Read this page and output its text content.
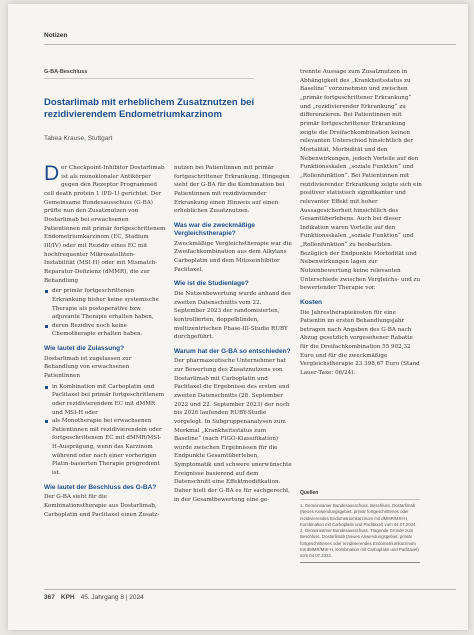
Notizen
G-BA-Beschluss
Dostarlimab mit erheblichem Zusatznutzen bei rezidivierendem Endometriumkarzinom
Tabea Krause, Stuttgart

Der Checkpoint-Inhibitor Dostarlimab ist als monoklonaler Antikörper gegen den Rezeptor Programmed cell death protein 1 (PD-1) gerichtet. Der Gemeinsame Bundesausschuss (G-BA) prüfte nun den Zusatznutzen von Dostarlimab bei erwachsenen Patientinnen mit primär fortgeschrittenem Endometriumkarzinom (EC, Stadium III/IV) oder mit Rezidiv eines EC mit hochfrequenter Mikrosatelliten-Instabilität (MSI-H) oder mit Mismatch-Reparatur-Defizienz (dMMR), die zur Behandlung

der primär fortgeschrittenen Erkrankung bisher keine systemische Therapie als postoperative bzw. adjuvante Therapie erhalten haben,
deren Rezidive noch keine Chemotherapie erhalten haben.
Wie lautet die Zulassung?

Dostarlimab ist zugelassen zur Behandlung von erwachsenen Patientinnen

in Kombination mit Carboplatin und Paclitaxel bei primär fortgeschrittenem oder rezidivierendem EC mit dMMR und MSI-H oder
als Monotherapie bei erwachsenen Patientinnen mit rezidivierendem oder fortgeschrittenem EC mit dMMR/MSI-H-Ausprägung, wenn das Karzinom während oder nach einer vorherigen Platin-basierten Therapie progredient ist.
Wie lautet der Beschluss des G-BA?

Der G-BA sieht für die Kombinationstherapie aus Dostarlimab, Carboplatin und Paclitaxel einen Zusatz-

nutzen bei Patientinnen mit primär fortgeschrittener Erkrankung. Hingegen sieht der G-BA für die Kombination bei Patientinnen mit rezidivierender Erkrankung einen Hinweis auf einen erheblichen Zusatznutzen.

Was war die zweckmäßige Vergleichstherapie?

Zweckmäßige Vergleichstherapie war die Zweifachkombination aus dem Alkylans Carboplatin und dem Mitoseinhibitor Paclitaxel.

Wie ist die Studienlage?

Die Nutzenbewertung wurde anhand des zweiten Datenschnitts vom 22. September 2023 der randomisierten, kontrollierten, doppelblinden, multizentrischen Phase-III-Studie RUBY durchgeführt.

Warum hat der G-BA so entschieden?

Der pharmazeutische Unternehmer hat zur Bewertung des Zusatznutzens von Dostarlimab mit Carboplatin und Paclitaxel die Ergebnisse des ersten und zweiten Datenschnitts (28. September 2022 und 22. September 2023) der noch bis 2026 laufenden RUBY-Studie vorgelegt. In Subgruppenanalysen zum Merkmal „Krankheitsstatus zum Baseline“ (nach FIGO-Klassifikation) wurde zwischen Ergebnissen für die Endpunkte Gesamtüberleben, Symptomatik und schwere unerwünschte Ereignisse basierend auf dem Datenschnitt eine Effektmodifikation. Daher hielt der G-BA es für sachgerecht, in der Gesamtbewertung eine ge-

trennte Aussage zum Zusatznutzen in Abhängigkeit des „Krankheitsstatus zu Baseline“ vorzunehmen und zwischen „primär fortgeschrittener Erkrankung“ und „rezidivierender Erkrankung“ zu differenzieren. Bei Patientinnen mit primär fortgeschrittener Erkrankung zeigte die Dreifachkombination keinen relevanten Unterschied hinsichtlich der Mortalität, Morbidität und den Nebenwirkungen, jedoch Vorteile auf den Funktionsskalen „soziale Funktion“ und „Rollenfunktion“. Bei Patientinnen mit rezidivierender Erkrankung zeigte sich ein positiver statistisch signifikanter und relevanter Effekt mit hoher Aussagesicherheit hinsichtlich des Gesamtüberlebens. Auch bei dieser Indikation waren Vorteile auf den Funktionsskalen „soziale Funktion“ und „Rollenfunktion“ zu beobachten. Bezüglich der Endpunkte Morbidität und Nebenwirkungen lagen zur Nutzenbewertung keine relevanten Unterschiede zwischen Vergleichs- und zu bewertender Therapie vor.

Kosten

Die Jahrestherapiekosten für eine Patientin im ersten Behandlungsjahr betragen nach Angaben des G-BA nach Abzug gesetzlich vorgesehener Rabatte für die Dreifachkombination 55 902,32 Euro und für die zweckmäßige Vergleichstherapie 23 398,67 Euro (Stand Lauer-Taxe: 06/24).

Quellen
1. Gemeinsamer Bundesausschuss. Beschluss. Dostarlimab (Neues Anwendungsgebiet: primär fortgeschrittenes oder rezidivierendes Endometriumkarzinom mit dMMR/MSI-H, Kombination mit Carboplatin und Paclitaxel) vom 04.07.2024.
2. Gemeinsamer Bundesausschuss. Tragende Gründe zum Beschluss. Dostarlimab (Neues Anwendungsgebiet: primär fortgeschrittenes oder rezidivierendes Endometriumkarzinom mit dMMR/MSI-H, Kombination mit Carboplatin und Paclitaxel) vom 04.07.2024.
367 KPH 45. Jahrgang 8 | 2024
